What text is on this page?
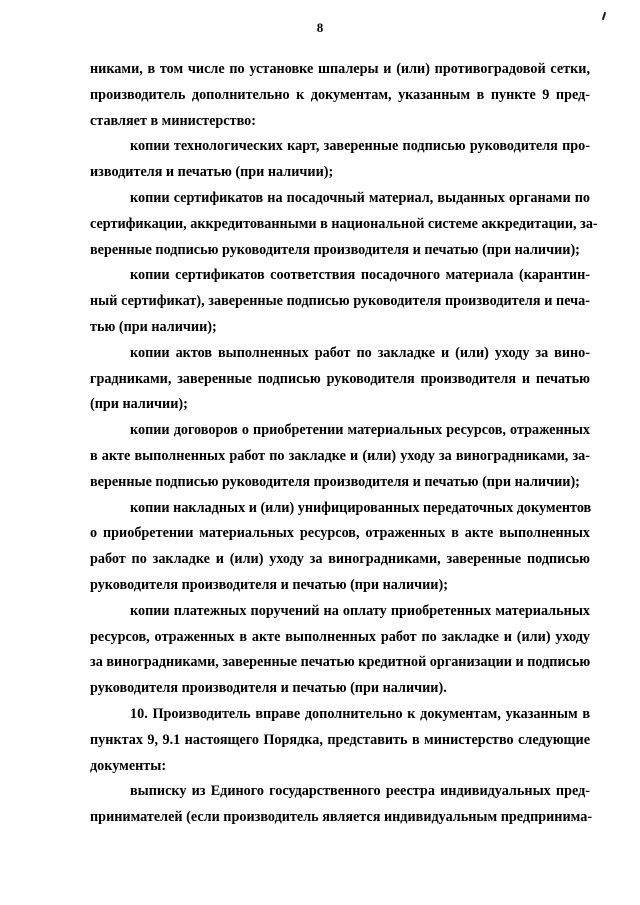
8
никами, в том числе по установке шпалеры и (или) противоградовой сетки,
производитель дополнительно к документам, указанным в пункте 9 пред-
ставляет в министерство:
копии технологических карт, заверенные подписью руководителя про-
изводителя и печатью (при наличии);
копии сертификатов на посадочный материал, выданных органами по
сертификации, аккредитованными в национальной системе аккредитации, за-
веренные подписью руководителя производителя и печатью (при наличии);
копии сертификатов соответствия посадочного материала (карантин-
ный сертификат), заверенные подписью руководителя производителя и печа-
тью (при наличии);
копии актов выполненных работ по закладке и (или) уходу за вино-
градниками, заверенные подписью руководителя производителя и печатью
(при наличии);
копии договоров о приобретении материальных ресурсов, отраженных
в акте выполненных работ по закладке и (или) уходу за виноградниками, за-
веренные подписью руководителя производителя и печатью (при наличии);
копии накладных и (или) унифицированных передаточных документов
о приобретении материальных ресурсов, отраженных в акте выполненных
работ по закладке и (или) уходу за виноградниками, заверенные подписью
руководителя производителя и печатью (при наличии);
копии платежных поручений на оплату приобретенных материальных
ресурсов, отраженных в акте выполненных работ по закладке и (или) уходу
за виноградниками, заверенные печатью кредитной организации и подписью
руководителя производителя и печатью (при наличии).
10. Производитель вправе дополнительно к документам, указанным в
пунктах 9, 9.1 настоящего Порядка, представить в министерство следующие
документы:
выписку из Единого государственного реестра индивидуальных пред-
принимателей (если производитель является индивидуальным предпринима-
